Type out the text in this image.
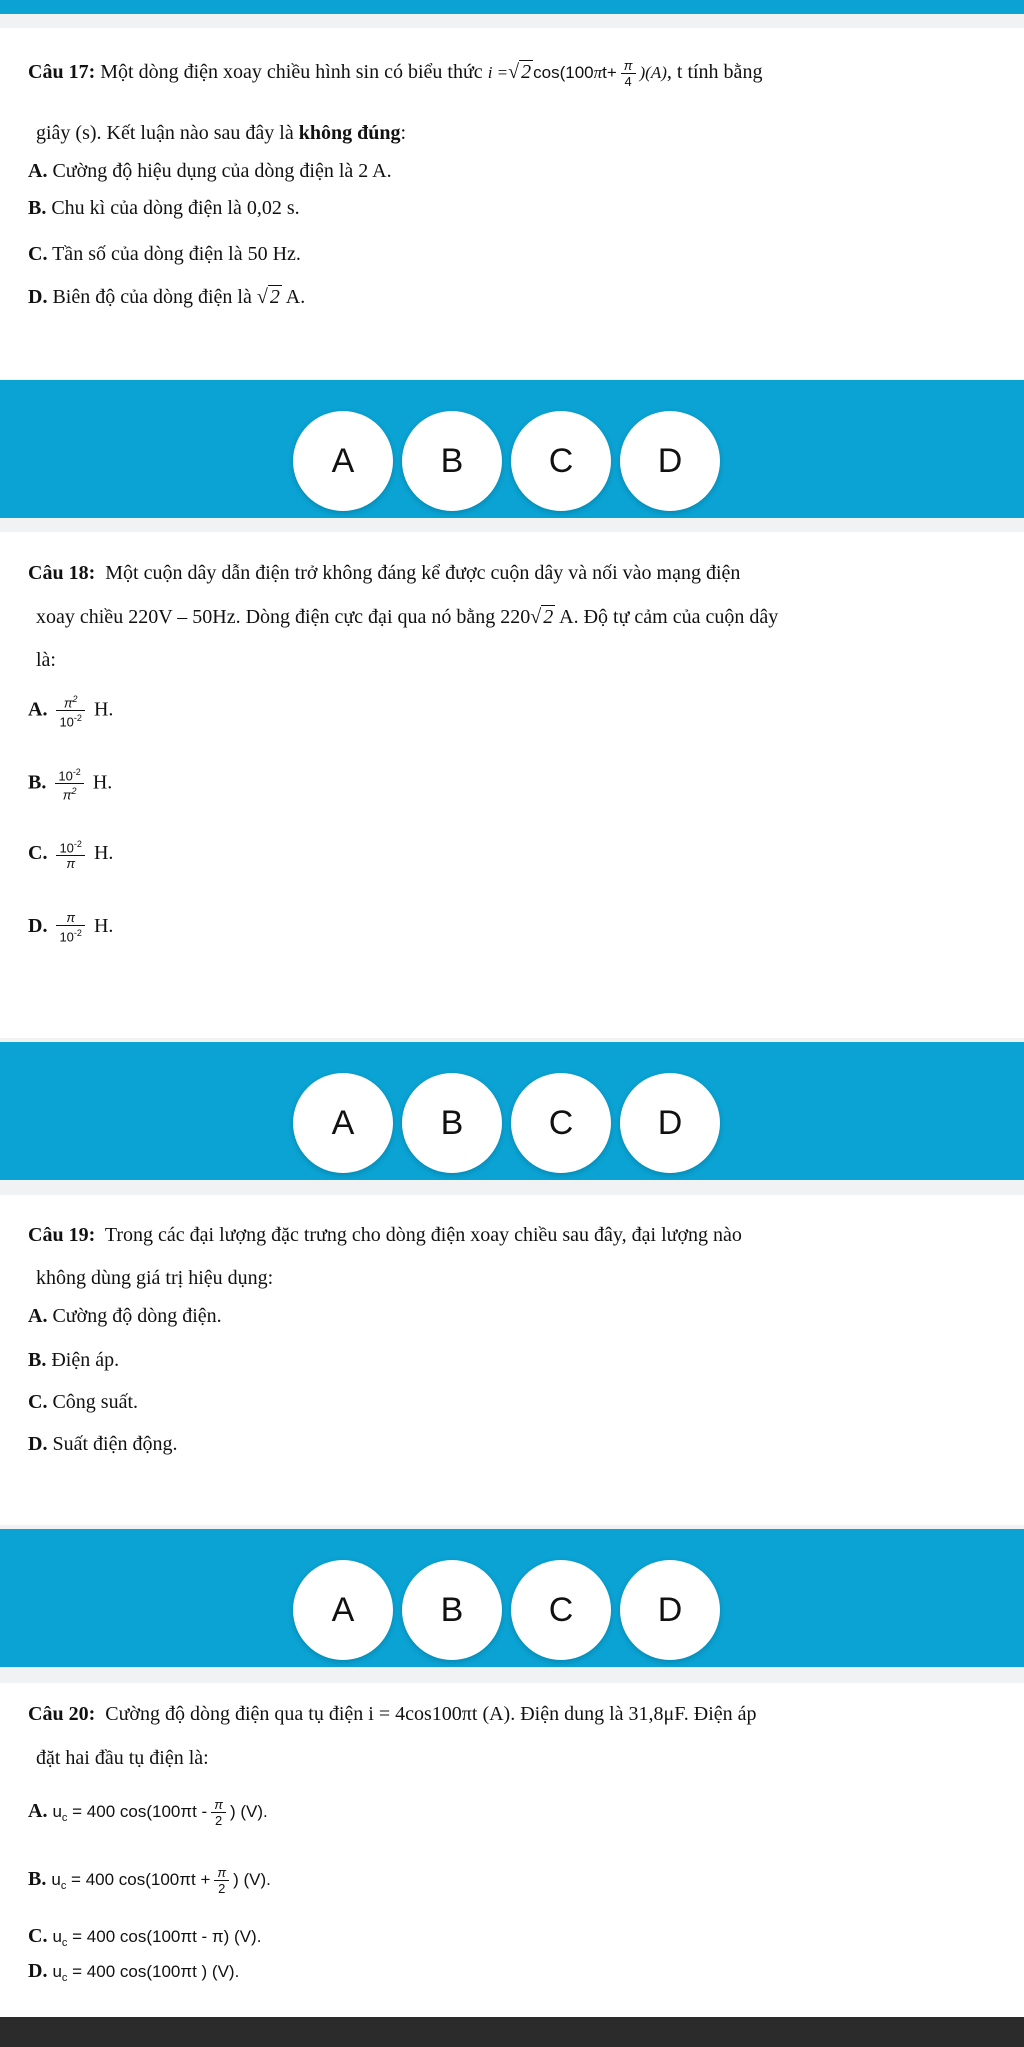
Câu 17: Một dòng điện xoay chiều hình sin có biểu thức i =√ 2 $\cos(100\pi t+ \frac{\pi}{4} )(A)$, t tính bằng
giây (s). Kết luận nào sau đây là không đúng:
A. Cường độ hiệu dụng của dòng điện là 2 A.
B. Chu kì của dòng điện là 0,02 s.
C. Tần số của dòng điện là 50 Hz.
D. Biên độ của dòng điện là √ 2 A.
A	B	C	D
Câu 18: Một cuộn dây dẫn điện trở không đáng kể được cuộn dây và nối vào mạng điện
xoay chiều 220V – 50Hz. Dòng điện cực đại qua nó bằng 220√ 2 A. Độ tự cảm của cuộn dây
là:
A. $\frac{\pi^2}{10^{-2}} H$.
B. $\frac{10^{-2}}{\pi^2} H$.
C. $\frac{10^{-2}}{\pi} H$.
D. $\frac{\pi}{10^{-2}} H$.
A	B	C	D
Câu 19: Trong các đại lượng đặc trưng cho dòng điện xoay chiều sau đây, đại lượng nào
không dùng giá trị hiệu dụng:
A. Cường độ dòng điện.
B. Điện áp.
C. Công suất.
D. Suất điện động.
A	B	C	D
Câu 20: Cường độ dòng điện qua tụ điện i = 4cos100πt (A). Điện dung là 31,8μF. Điện áp
đặt hai đầu tụ điện là:
A. $u_c = 400$ $\cos(100\pi t - \frac{\pi}{2}$ ) (V).
B. $u_c = 400$ $\cos(100\pi t + \frac{\pi}{2}$ ) (V).
C. $u_c = 400$ cos(100πt - π) (V).
D. $u_c = 400$ cos(100πt ) (V).
